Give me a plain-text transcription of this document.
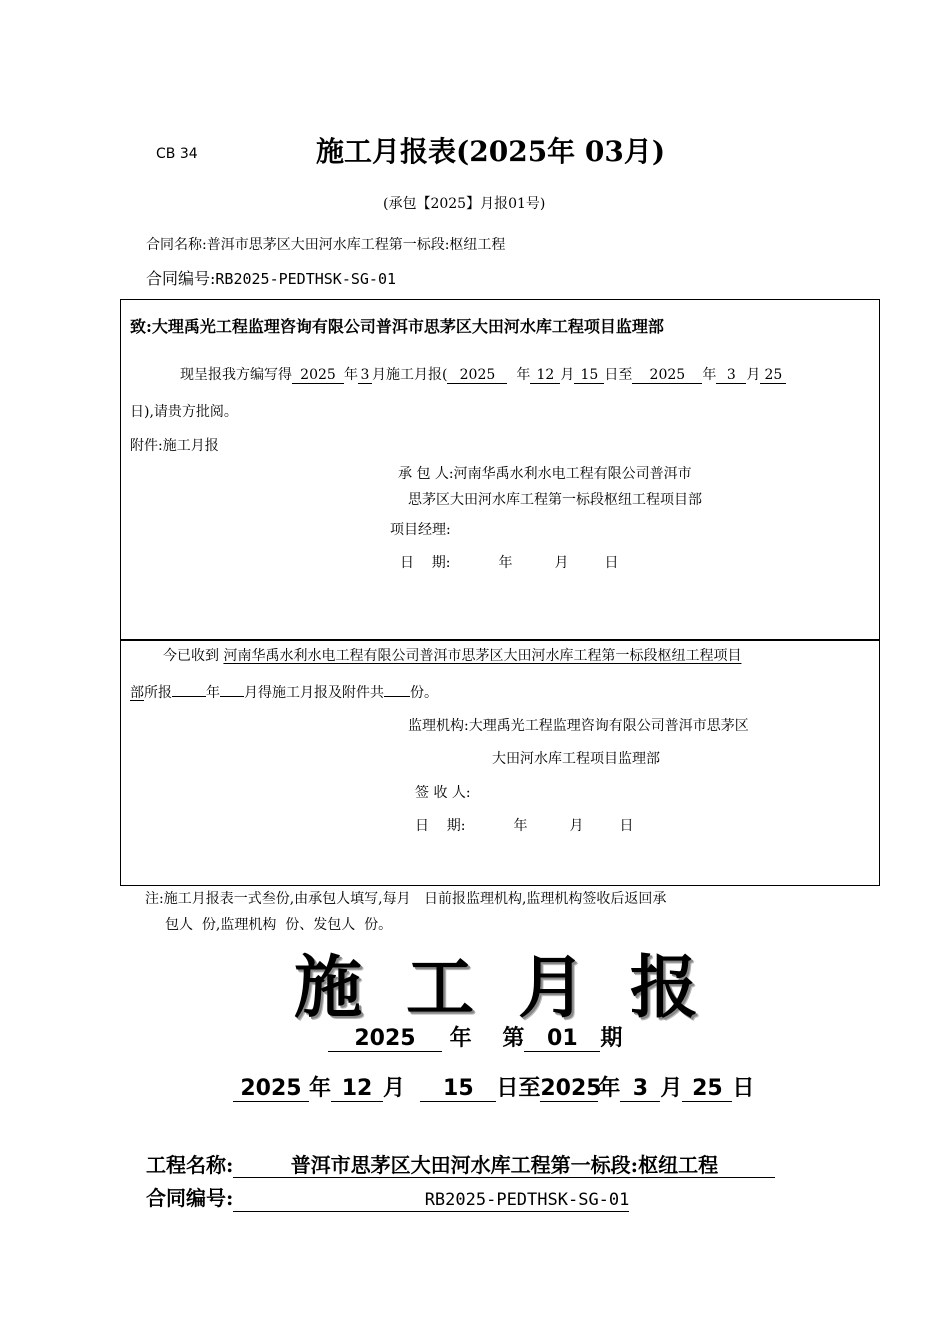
CB 34	施工月报表(2025年 03月)
(承包【2025】月报01号)
合同名称:普洱市思茅区大田河水库工程第一标段:枢纽工程
合同编号:RB2025-PEDTHSK-SG-01
致:大理禹光工程监理咨询有限公司普洱市思茅区大田河水库工程项目监理部
现呈报我方编写得 2025 年 3 月施工月报( 2025 年 12 月 15 日至 2025 年 3 月 25
日),请贵方批阅。
附件:施工月报
承 包 人:河南华禹水利水电工程有限公司普洱市
思茅区大田河水库工程第一标段枢纽工程项目部
项目经理:
日    期:	年	月	日
今已收到 河南华禹水利水电工程有限公司普洱市思茅区大田河水库工程第一标段枢纽工程项目
部所报 年 月得施工月报及附件共 份。
监理机构:大理禹光工程监理咨询有限公司普洱市思茅区
大田河水库工程项目监理部
签 收 人:
日    期:	年	月	日
注:施工月报表一式叁份,由承包人填写,每月   日前报监理机构,监理机构签收后返回承
包人  份,监理机构  份、发包人  份。
施工月报
2025 年 第 01 期
2025 年 12 月 15 日至2025年 3 月 25 日
工程名称:	普洱市思茅区大田河水库工程第一标段:枢纽工程
合同编号:	RB2025-PEDTHSK-SG-01
